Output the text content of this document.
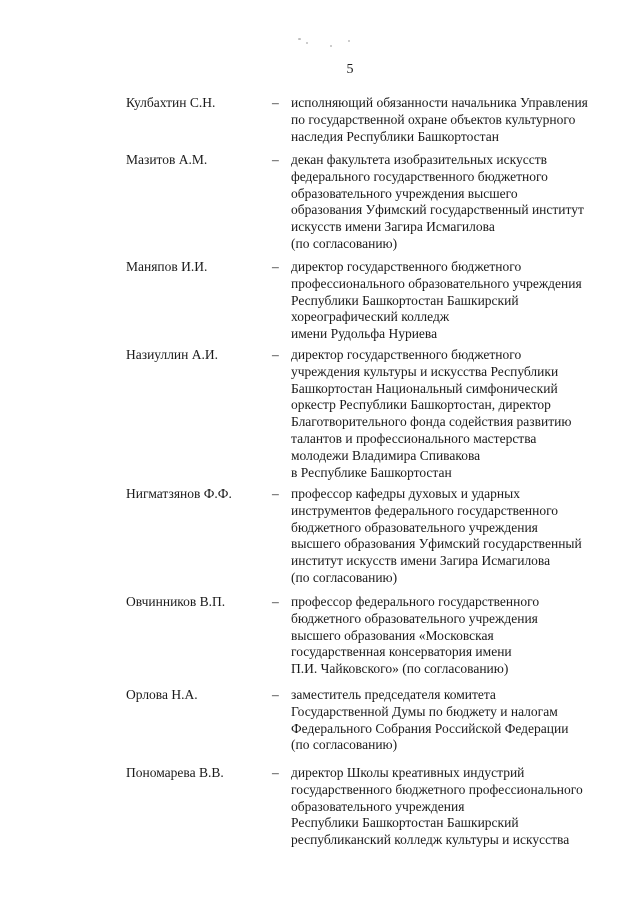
5
Кулбахтин С.Н.	– исполняющий обязанности начальника Управления
по государственной охране объектов культурного
наследия Республики Башкортостан
Мазитов А.М.	– декан факультета изобразительных искусств
федерального государственного бюджетного
образовательного учреждения высшего
образования Уфимский государственный институт
искусств имени Загира Исмагилова
(по согласованию)
Маняпов И.И.	– директор государственного бюджетного
профессионального образовательного учреждения
Республики Башкортостан Башкирский
хореографический колледж
имени Рудольфа Нуриева
Назиуллин А.И.	– директор государственного бюджетного
учреждения культуры и искусства Республики
Башкортостан Национальный симфонический
оркестр Республики Башкортостан, директор
Благотворительного фонда содействия развитию
талантов и профессионального мастерства
молодежи Владимира Спивакова
в Республике Башкортостан
Нигматзянов Ф.Ф.	– профессор кафедры духовых и ударных
инструментов федерального государственного
бюджетного образовательного учреждения
высшего образования Уфимский государственный
институт искусств имени Загира Исмагилова
(по согласованию)
Овчинников В.П.	– профессор федерального государственного
бюджетного образовательного учреждения
высшего образования «Московская
государственная консерватория имени
П.И. Чайковского» (по согласованию)
Орлова Н.А.	– заместитель председателя комитета
Государственной Думы по бюджету и налогам
Федерального Собрания Российской Федерации
(по согласованию)
Пономарева В.В.	– директор Школы креативных индустрий
государственного бюджетного профессионального
образовательного учреждения
Республики Башкортостан Башкирский
республиканский колледж культуры и искусства
